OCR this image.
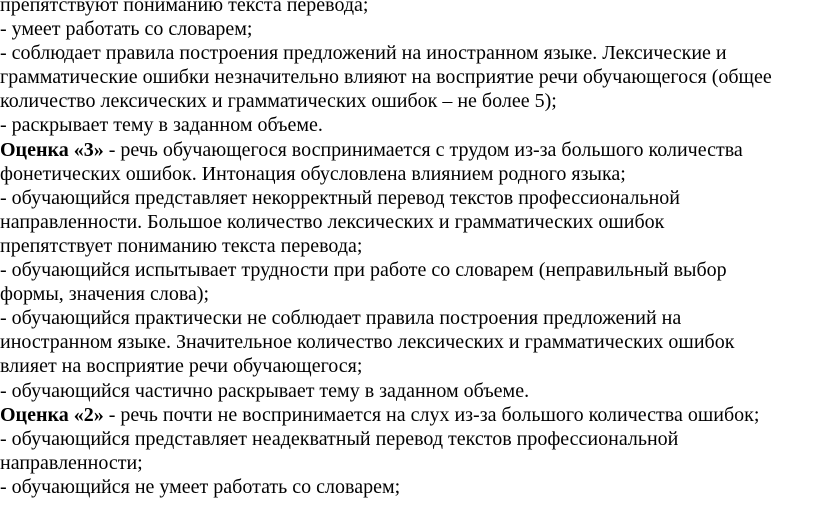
препятствуют пониманию текста перевода;
- умеет работать со словарем;
- соблюдает правила построения предложений на иностранном языке. Лексические и
грамматические ошибки незначительно влияют на восприятие речи обучающегося (общее
количество лексических и грамматических ошибок – не более 5);
- раскрывает тему в заданном объеме.
Оценка «3» - речь обучающегося воспринимается с трудом из-за большого количества
фонетических ошибок. Интонация обусловлена влиянием родного языка;
- обучающийся представляет некорректный перевод текстов профессиональной
направленности. Большое количество лексических и грамматических ошибок
препятствует пониманию текста перевода;
- обучающийся испытывает трудности при работе со словарем (неправильный выбор
формы, значения слова);
- обучающийся практически не соблюдает правила построения предложений на
иностранном языке. Значительное количество лексических и грамматических ошибок
влияет на восприятие речи обучающегося;
- обучающийся частично раскрывает тему в заданном объеме.
Оценка «2» - речь почти не воспринимается на слух из-за большого количества ошибок;
- обучающийся представляет неадекватный перевод текстов профессиональной
направленности;
- обучающийся не умеет работать со словарем;
